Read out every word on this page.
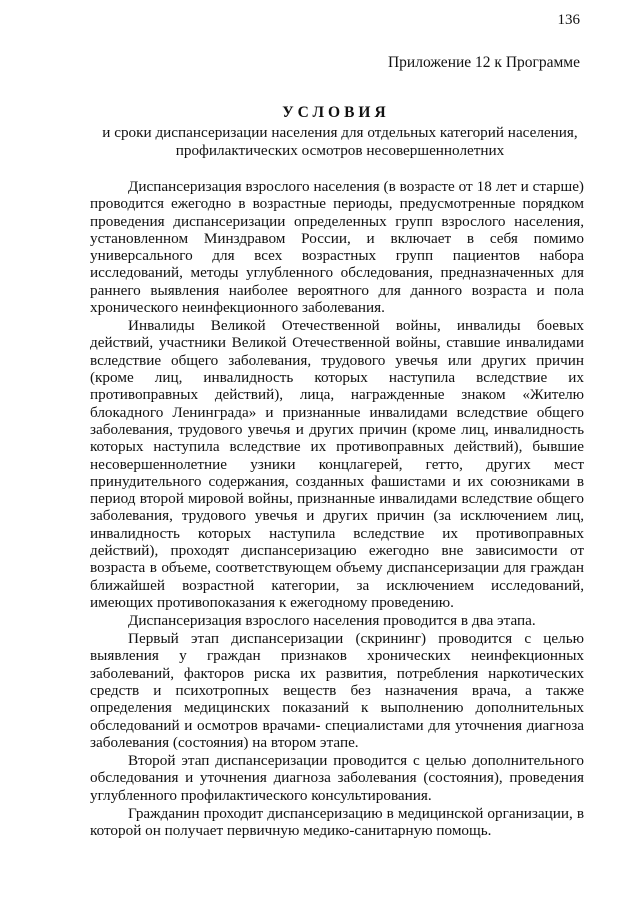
136
Приложение 12 к Программе
УСЛОВИЯ
и сроки диспансеризации населения для отдельных категорий населения, профилактических осмотров несовершеннолетних

Диспансеризация взрослого населения (в возрасте от 18 лет и старше) проводится ежегодно в возрастные периоды, предусмотренные порядком проведения диспансеризации определенных групп взрослого населения, установленном Минздравом России, и включает в себя помимо универсального для всех возрастных групп пациентов набора исследований, методы углубленного обследования, предназначенных для раннего выявления наиболее вероятного для данного возраста и пола хронического неинфекционного заболевания.

Инвалиды Великой Отечественной войны, инвалиды боевых действий, участники Великой Отечественной войны, ставшие инвалидами вследствие общего заболевания, трудового увечья или других причин (кроме лиц, инвалидность которых наступила вследствие их противоправных действий), лица, награжденные знаком «Жителю блокадного Ленинграда» и признанные инвалидами вследствие общего заболевания, трудового увечья и других причин (кроме лиц, инвалидность которых наступила вследствие их противоправных действий), бывшие несовершеннолетние узники концлагерей, гетто, других мест принудительного содержания, созданных фашистами и их союзниками в период второй мировой войны, признанные инвалидами вследствие общего заболевания, трудового увечья и других причин (за исключением лиц, инвалидность которых наступила вследствие их противоправных действий), проходят диспансеризацию ежегодно вне зависимости от возраста в объеме, соответствующем объему диспансеризации для граждан ближайшей возрастной категории, за исключением исследований, имеющих противопоказания к ежегодному проведению.

Диспансеризация взрослого населения проводится в два этапа.

Первый этап диспансеризации (скрининг) проводится с целью выявления у граждан признаков хронических неинфекционных заболеваний, факторов риска их развития, потребления наркотических средств и психотропных веществ без назначения врача, а также определения медицинских показаний к выполнению дополнительных обследований и осмотров врачами- специалистами для уточнения диагноза заболевания (состояния) на втором этапе.

Второй этап диспансеризации проводится с целью дополнительного обследования и уточнения диагноза заболевания (состояния), проведения углубленного профилактического консультирования.

Гражданин проходит диспансеризацию в медицинской организации, в которой он получает первичную медико-санитарную помощь.
